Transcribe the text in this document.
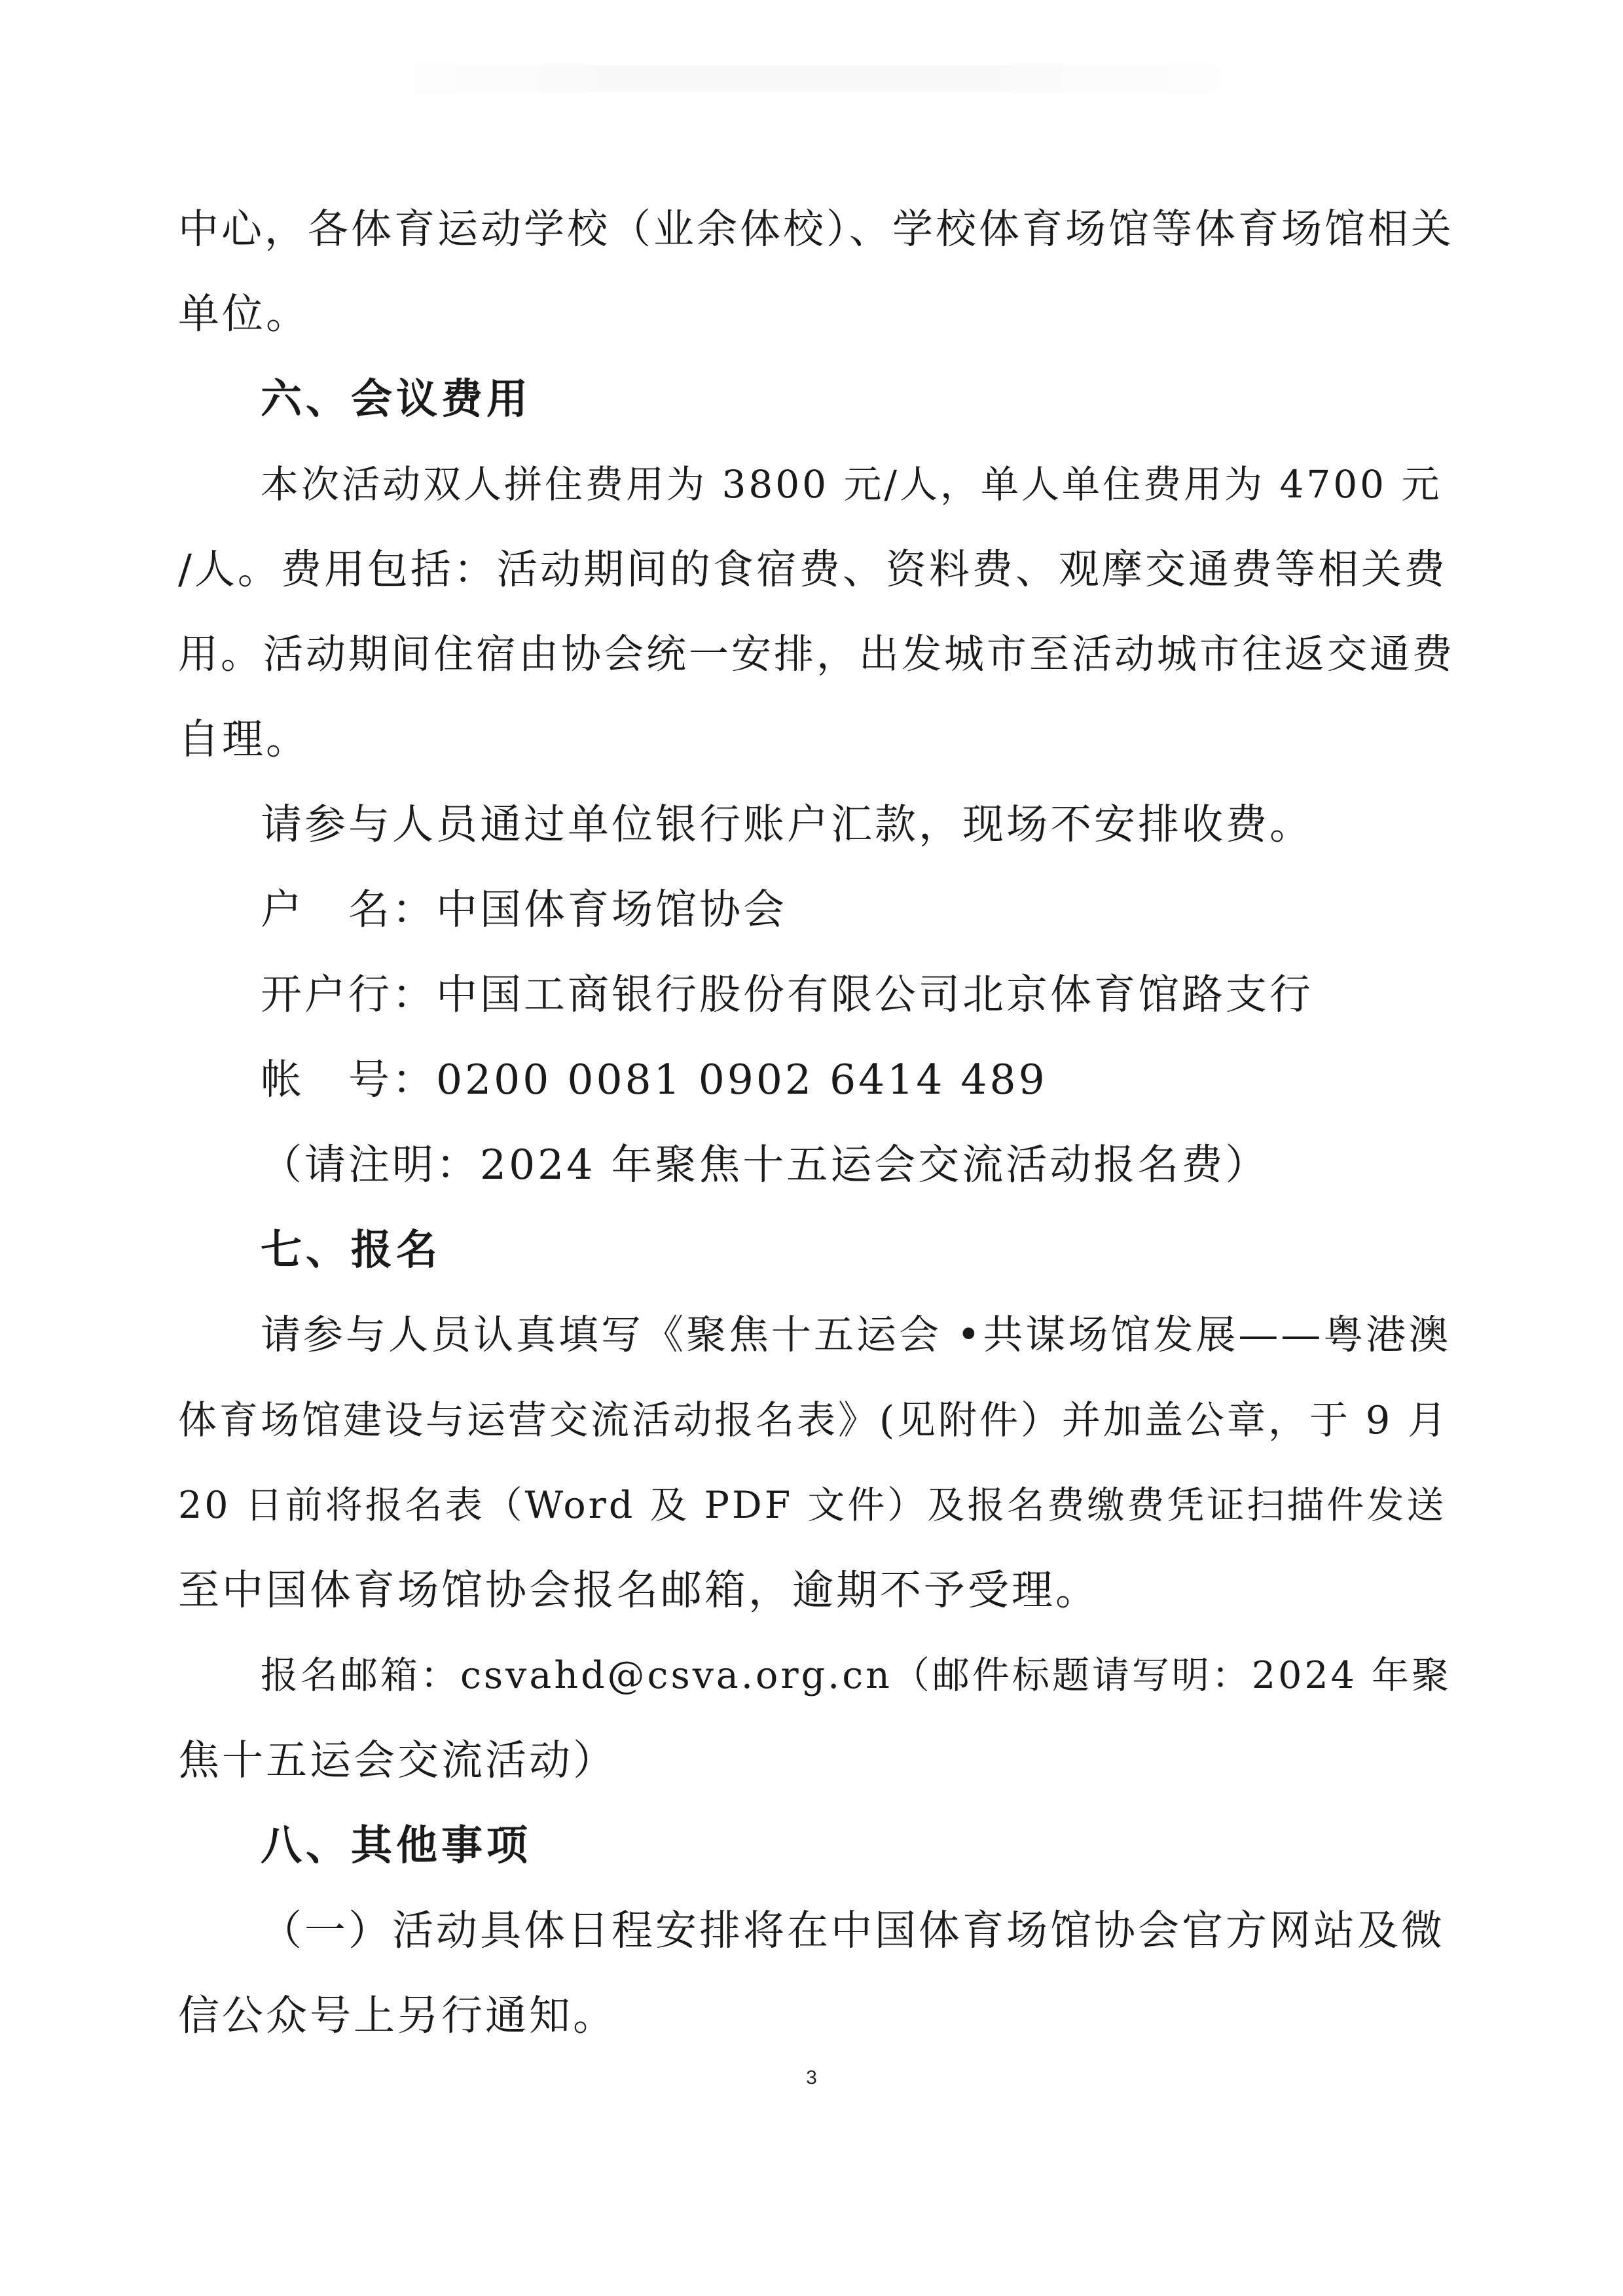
中心，各体育运动学校（业余体校）、学校体育场馆等体育场馆相关
单位。
六、会议费用
本次活动双人拼住费用为 3800 元/人，单人单住费用为 4700 元
/人。费用包括：活动期间的食宿费、资料费、观摩交通费等相关费
用。活动期间住宿由协会统一安排，出发城市至活动城市往返交通费
自理。
请参与人员通过单位银行账户汇款，现场不安排收费。
户　名：中国体育场馆协会
开户行：中国工商银行股份有限公司北京体育馆路支行
帐　号：0200 0081 0902 6414 489
（请注明：2024 年聚焦十五运会交流活动报名费）
七、报名
请参与人员认真填写《聚焦十五运会 •共谋场馆发展——粤港澳
体育场馆建设与运营交流活动报名表》(见附件）并加盖公章，于 9 月
20 日前将报名表（Word 及 PDF 文件）及报名费缴费凭证扫描件发送
至中国体育场馆协会报名邮箱，逾期不予受理。
报名邮箱：csvahd@csva.org.cn（邮件标题请写明：2024 年聚
焦十五运会交流活动）
八、其他事项
（一）活动具体日程安排将在中国体育场馆协会官方网站及微
信公众号上另行通知。
3
